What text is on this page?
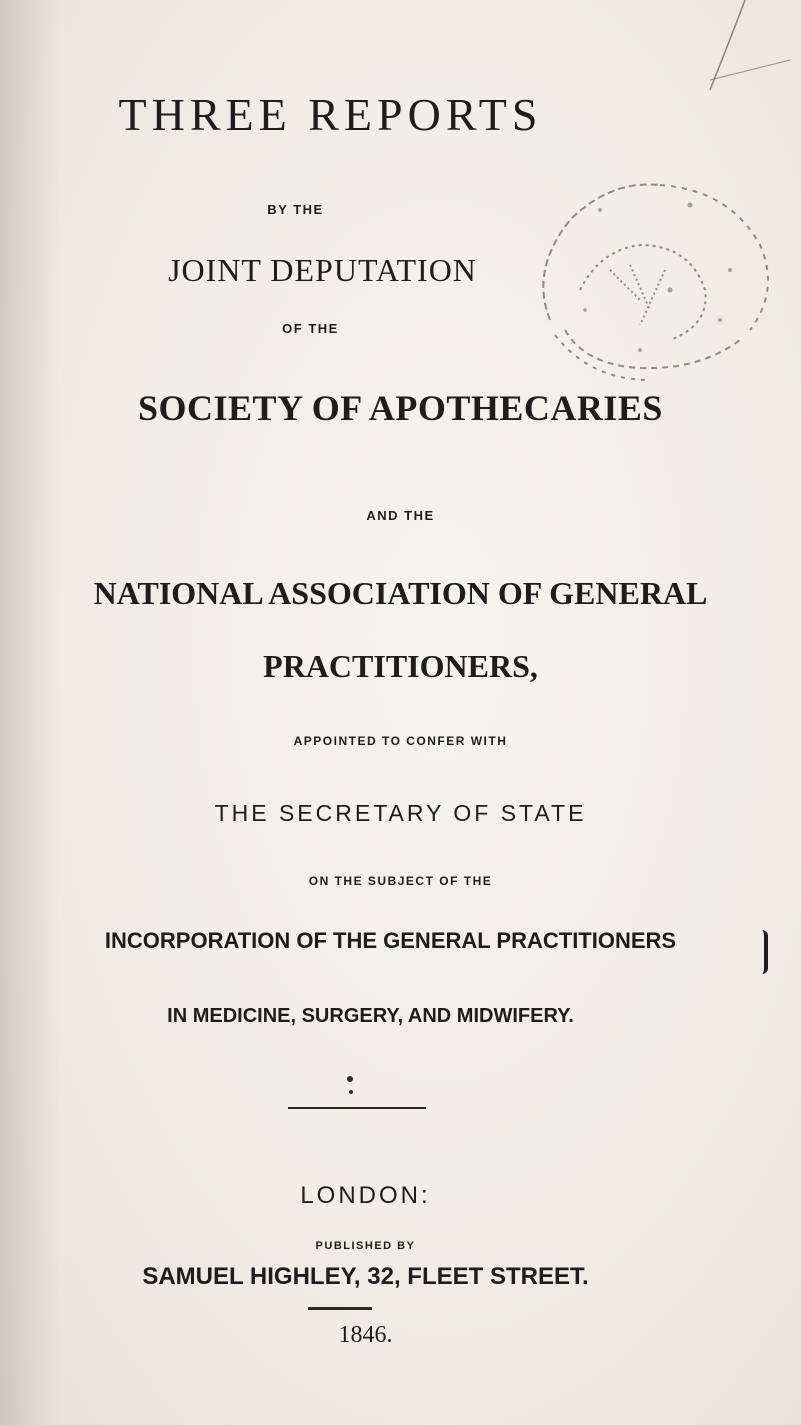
THREE REPORTS
BY THE
JOINT DEPUTATION
OF THE
SOCIETY OF APOTHECARIES
AND THE
NATIONAL ASSOCIATION OF GENERAL
PRACTITIONERS,
APPOINTED TO CONFER WITH
THE SECRETARY OF STATE
ON THE SUBJECT OF THE
INCORPORATION OF THE GENERAL PRACTITIONERS
IN MEDICINE, SURGERY, AND MIDWIFERY.
LONDON:
PUBLISHED BY
SAMUEL HIGHLEY, 32, FLEET STREET.
1846.
